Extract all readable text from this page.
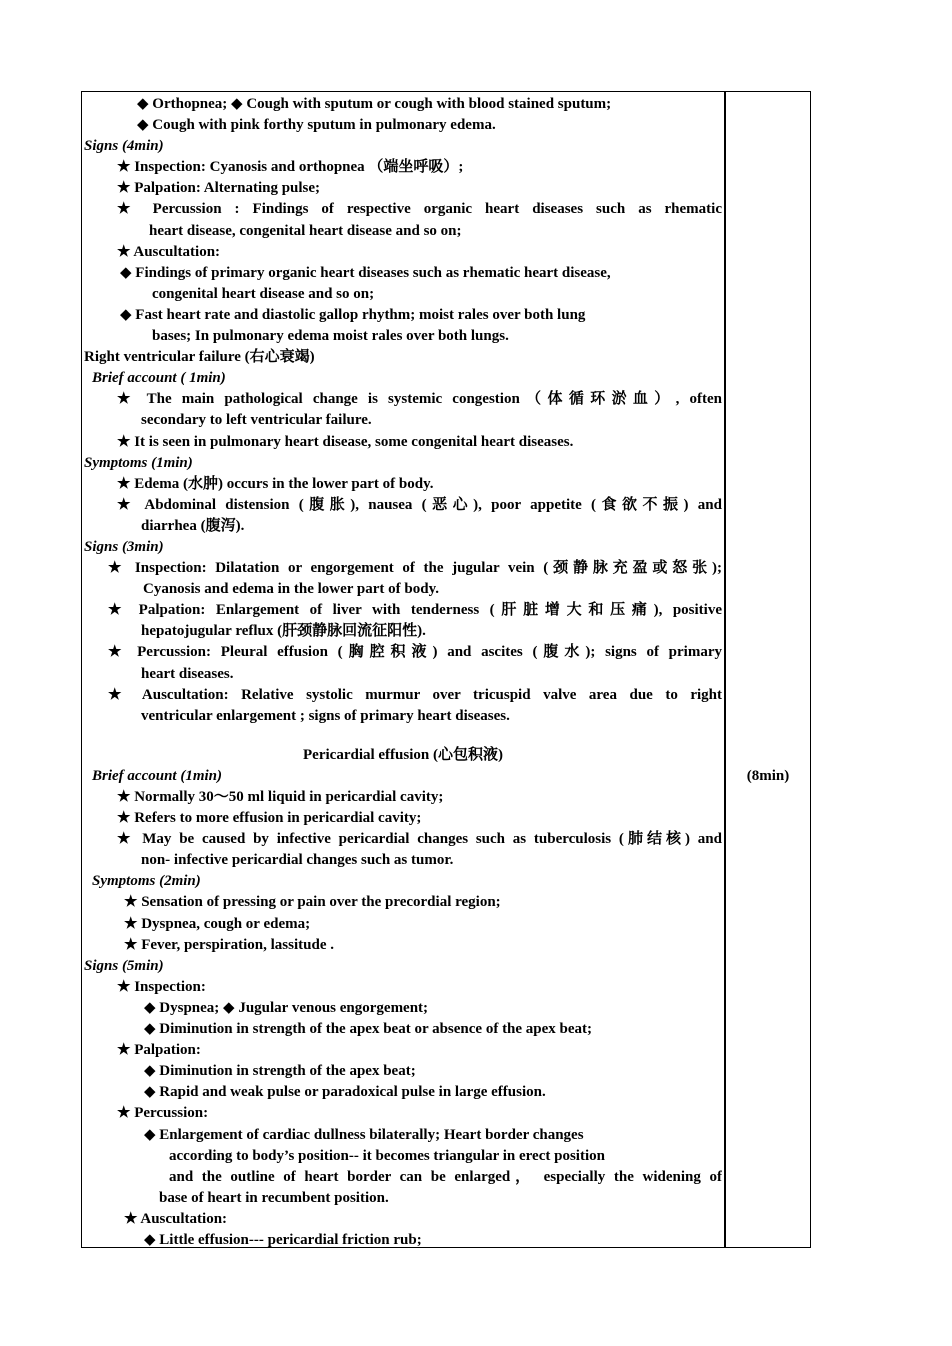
◆ Orthopnea; ◆ Cough with sputum or cough with blood stained sputum;
◆ Cough with pink forthy sputum in pulmonary edema.
Signs (4min)
★ Inspection: Cyanosis and orthopnea （端坐呼吸）;
★ Palpation: Alternating pulse;
★ Percussion : Findings of respective organic heart diseases such as rhematic
heart disease, congenital heart disease and so on;
★ Auscultation:
◆ Findings of primary organic heart diseases such as rhematic heart disease,
congenital heart disease and so on;
◆ Fast heart rate and diastolic gallop rhythm; moist rales over both lung
bases; In pulmonary edema moist rales over both lungs.
Right ventricular failure (右心衰竭)
Brief account ( 1min)
★ The main pathological change is systemic congestion（体循环淤血）, often
secondary to left ventricular failure.
★ It is seen in pulmonary heart disease, some congenital heart diseases.
Symptoms (1min)
★ Edema (水肿) occurs in the lower part of body.
★ Abdominal distension (腹胀), nausea (恶心), poor appetite (食欲不振) and
diarrhea (腹泻).
Signs (3min)
★ Inspection: Dilatation or engorgement of the jugular vein (颈静脉充盈或怒张);
Cyanosis and edema in the lower part of body.
★ Palpation: Enlargement of liver with tenderness (肝脏增大和压痛), positive
hepatojugular reflux (肝颈静脉回流征阳性).
★ Percussion: Pleural effusion (胸腔积液) and ascites (腹水); signs of primary
heart diseases.
★ Auscultation: Relative systolic murmur over tricuspid valve area due to right
ventricular enlargement ; signs of primary heart diseases.
Pericardial effusion (心包积液)
Brief account (1min)
★ Normally 30～50 ml liquid in pericardial cavity;
★ Refers to more effusion in pericardial cavity;
★ May be caused by infective pericardial changes such as tuberculosis (肺结核) and
non- infective pericardial changes such as tumor.
Symptoms (2min)
★ Sensation of pressing or pain over the precordial region;
★ Dyspnea, cough or edema;
★ Fever, perspiration, lassitude .
Signs (5min)
★ Inspection:
◆ Dyspnea; ◆ Jugular venous engorgement;
◆ Diminution in strength of the apex beat or absence of the apex beat;
★ Palpation:
◆ Diminution in strength of the apex beat;
◆ Rapid and weak pulse or paradoxical pulse in large effusion.
★ Percussion:
◆ Enlargement of cardiac dullness bilaterally; Heart border changes
according to body’s position-- it becomes triangular in erect position
and the outline of heart border can be enlarged， especially the widening of
base of heart in recumbent position.
★ Auscultation:
◆ Little effusion--- pericardial friction rub;
(8min)
